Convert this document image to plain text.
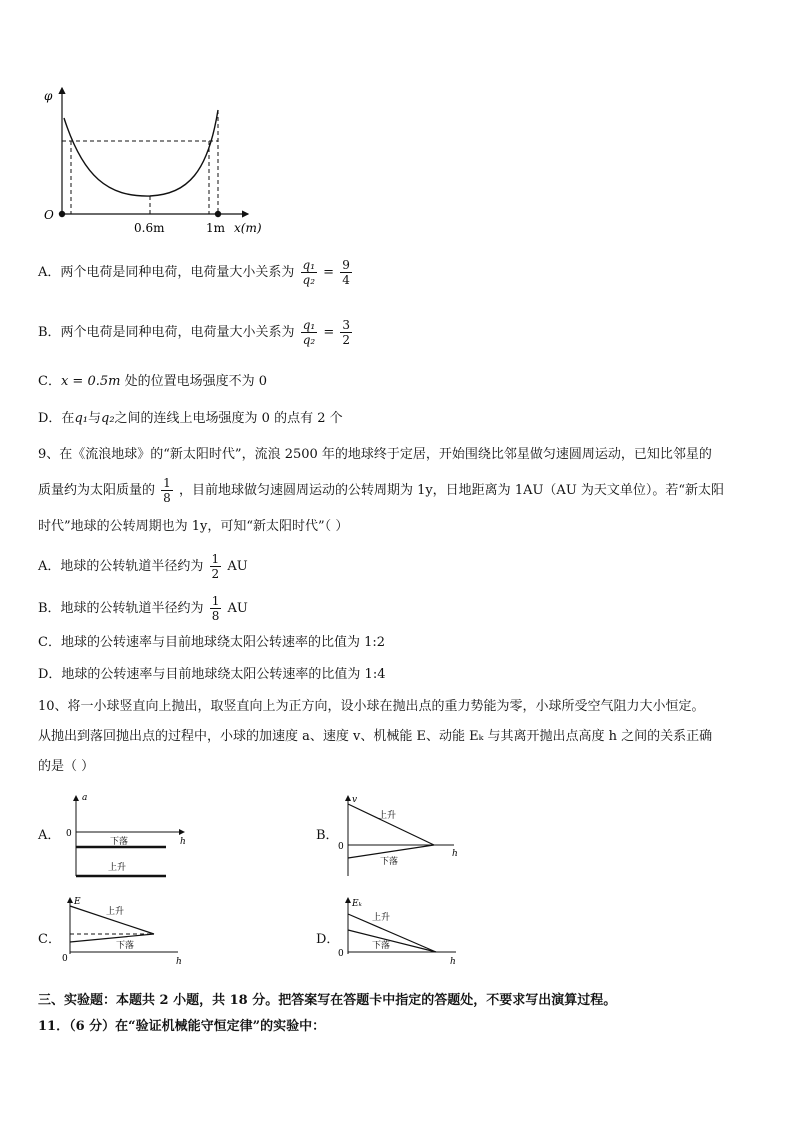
φ
O
0.6m	1m x(m)
A．两个电荷是同种电荷，电荷量大小关系为 $\frac{\text{q₁}}{\text{q₂}} = \frac{9}{4}$
B．两个电荷是同种电荷，电荷量大小关系为 $\frac{\text{q₁}}{\text{q₂}} = \frac{3}{2}$
C．x = 0.5m 处的位置电场强度不为 0
D．在q₁与q₂之间的连线上电场强度为 0 的点有 2 个
9、在《流浪地球》的“新太阳时代”，流浪 2500 年的地球终于定居，开始围绕比邻星做匀速圆周运动，已知比邻星的
质量约为太阳质量的 $\frac{1}{8}$ ，目前地球做匀速圆周运动的公转周期为 1y，日地距离为 1AU（AU 为天文单位）。若“新太阳
时代”地球的公转周期也为 1y，可知“新太阳时代”（ ）
A．地球的公转轨道半径约为 $\frac{1}{2}$ AU
B．地球的公转轨道半径约为 $\frac{1}{8}$ AU
C．地球的公转速率与目前地球绕太阳公转速率的比值为 1:2
D．地球的公转速率与目前地球绕太阳公转速率的比值为 1:4
10、将一小球竖直向上抛出，取竖直向上为正方向，设小球在抛出点的重力势能为零，小球所受空气阻力大小恒定。
从抛出到落回抛出点的过程中，小球的加速度 a、速度 v、机械能 E、动能 Eₖ 与其离开抛出点高度 h 之间的关系正确
的是（ ）
A．
a
0
h
下落
上升
B．
v
0
h
上升
下落
C．
E
0	h
上升
下落	D．
Eₖ
0
h
上升
下落
三、实验题：本题共 2 小题，共 18 分。把答案写在答题卡中指定的答题处，不要求写出演算过程。
11．（6 分）在“验证机械能守恒定律”的实验中：
